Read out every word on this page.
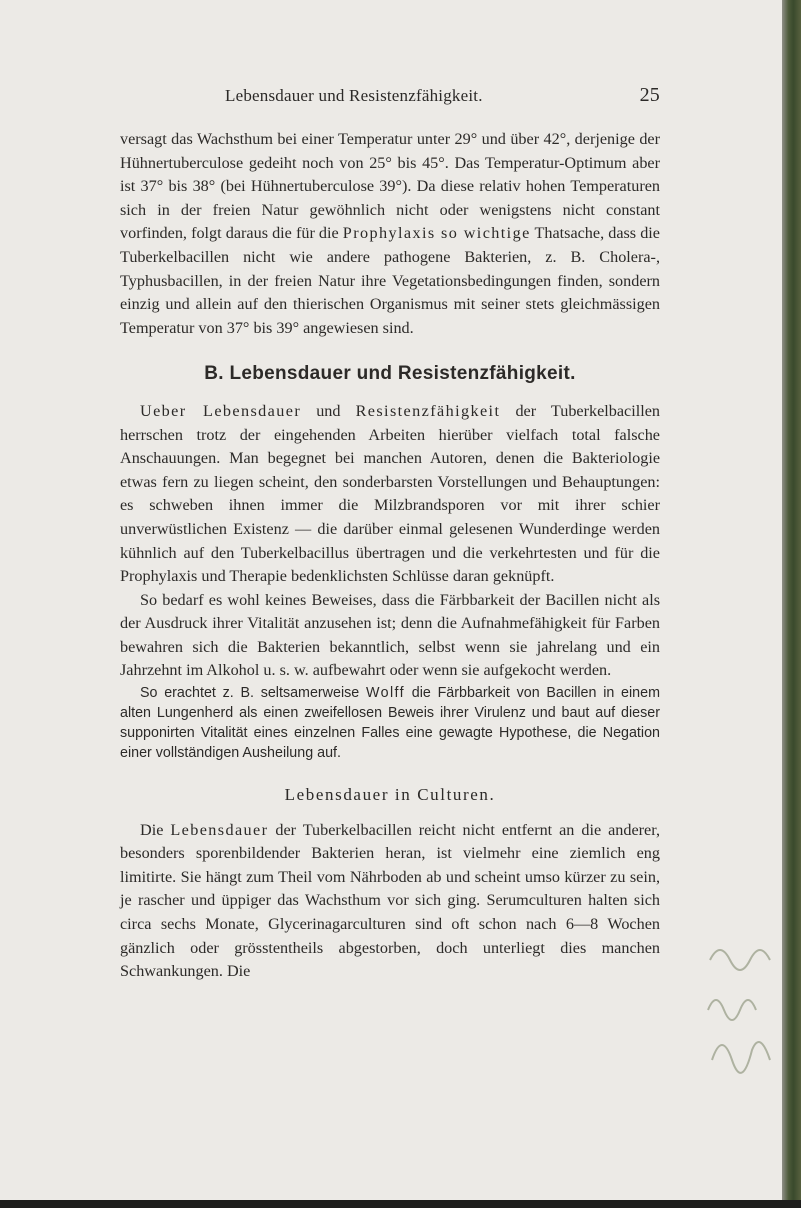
Lebensdauer und Resistenzfähigkeit.	25

versagt das Wachsthum bei einer Temperatur unter 29° und über 42°, derjenige der Hühnertuberculose gedeiht noch von 25° bis 45°. Das Temperatur-Optimum aber ist 37° bis 38° (bei Hühnertuberculose 39°). Da diese relativ hohen Temperaturen sich in der freien Natur gewöhnlich nicht oder wenigstens nicht constant vorfinden, folgt daraus die für die Prophylaxis so wichtige Thatsache, dass die Tuberkelbacillen nicht wie andere pathogene Bakterien, z. B. Cholera-, Typhusbacillen, in der freien Natur ihre Vegetationsbedingungen finden, sondern einzig und allein auf den thierischen Organismus mit seiner stets gleichmässigen Temperatur von 37° bis 39° angewiesen sind.

B. Lebensdauer und Resistenzfähigkeit.

Ueber Lebensdauer und Resistenzfähigkeit der Tuberkelbacillen herrschen trotz der eingehenden Arbeiten hierüber vielfach total falsche Anschauungen. Man begegnet bei manchen Autoren, denen die Bakteriologie etwas fern zu liegen scheint, den sonderbarsten Vorstellungen und Behauptungen: es schweben ihnen immer die Milzbrandsporen vor mit ihrer schier unverwüstlichen Existenz — die darüber einmal gelesenen Wunderdinge werden kühnlich auf den Tuberkelbacillus übertragen und die verkehrtesten und für die Prophylaxis und Therapie bedenklichsten Schlüsse daran geknüpft.

So bedarf es wohl keines Beweises, dass die Färbbarkeit der Bacillen nicht als der Ausdruck ihrer Vitalität anzusehen ist; denn die Aufnahmefähigkeit für Farben bewahren sich die Bakterien bekanntlich, selbst wenn sie jahrelang und ein Jahrzehnt im Alkohol u. s. w. aufbewahrt oder wenn sie aufgekocht werden.

So erachtet z. B. seltsamerweise Wolff die Färbbarkeit von Bacillen in einem alten Lungenherd als einen zweifellosen Beweis ihrer Virulenz und baut auf dieser supponirten Vitalität eines einzelnen Falles eine gewagte Hypothese, die Negation einer vollständigen Ausheilung auf.

Lebensdauer in Culturen.

Die Lebensdauer der Tuberkelbacillen reicht nicht entfernt an die anderer, besonders sporenbildender Bakterien heran, ist vielmehr eine ziemlich eng limitirte. Sie hängt zum Theil vom Nährboden ab und scheint umso kürzer zu sein, je rascher und üppiger das Wachsthum vor sich ging. Serumculturen halten sich circa sechs Monate, Glycerinagarculturen sind oft schon nach 6—8 Wochen gänzlich oder grösstentheils abgestorben, doch unterliegt dies manchen Schwankungen. Die
